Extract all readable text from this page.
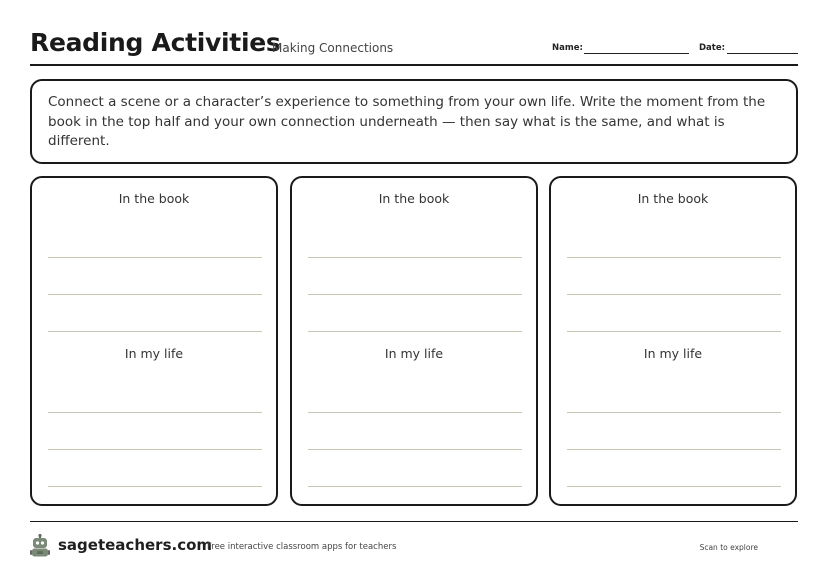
Reading Activities
Making Connections	Name:	Date:

Connect a scene or a character’s experience to something from your own life. Write the moment from the book in the top half and your own connection underneath — then say what is the same, and what is different.

In the book
In my life
In the book
In my life
In the book
In my life
sageteachers.com
Free interactive classroom apps for teachers	Scan to explore
